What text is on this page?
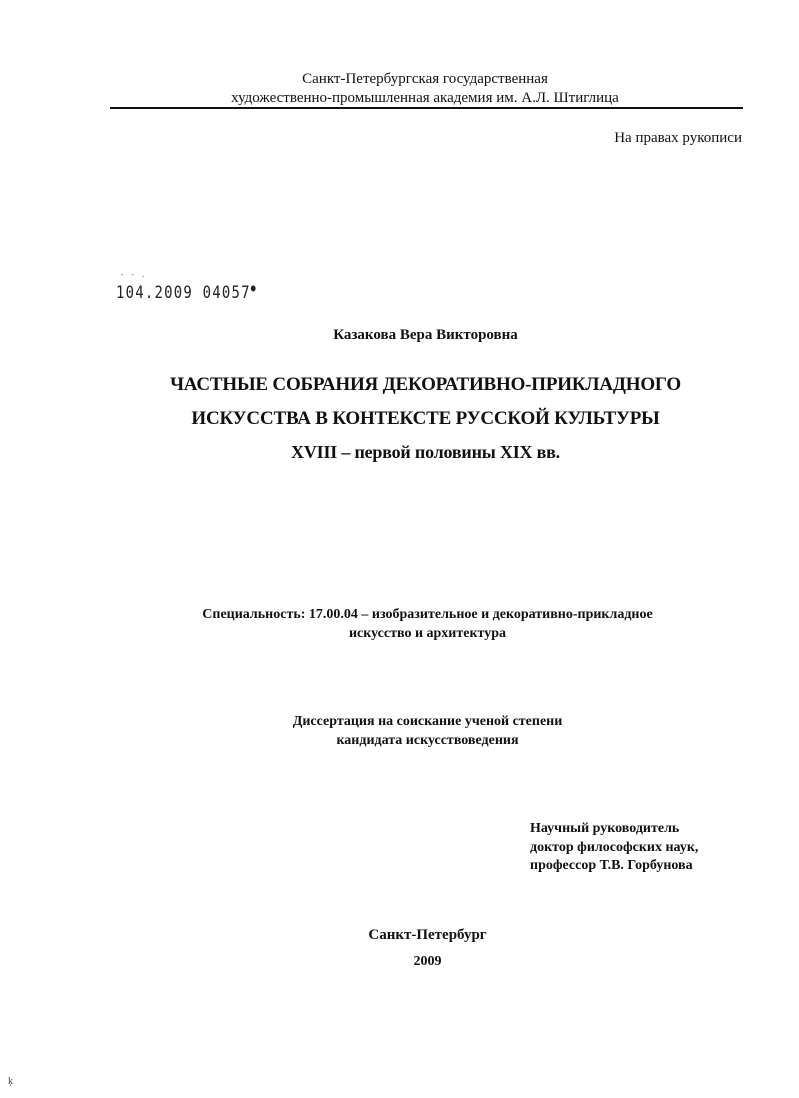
Санкт-Петербургская государственная
художественно-промышленная академия им. А.Л. Штиглица
На правах рукописи
- - .
104.2009 04057●
Казакова Вера Викторовна
ЧАСТНЫЕ СОБРАНИЯ ДЕКОРАТИВНО-ПРИКЛАДНОГО
ИСКУССТВА В КОНТЕКСТЕ РУССКОЙ КУЛЬТУРЫ
XVIII – первой половины XIX вв.
Специальность: 17.00.04 – изобразительное и декоративно-прикладное
искусство и архитектура
Диссертация на соискание ученой степени
кандидата искусствоведения
Научный руководитель
доктор философских наук,
профессор Т.В. Горбунова
Санкт-Петербург
2009
ķ
